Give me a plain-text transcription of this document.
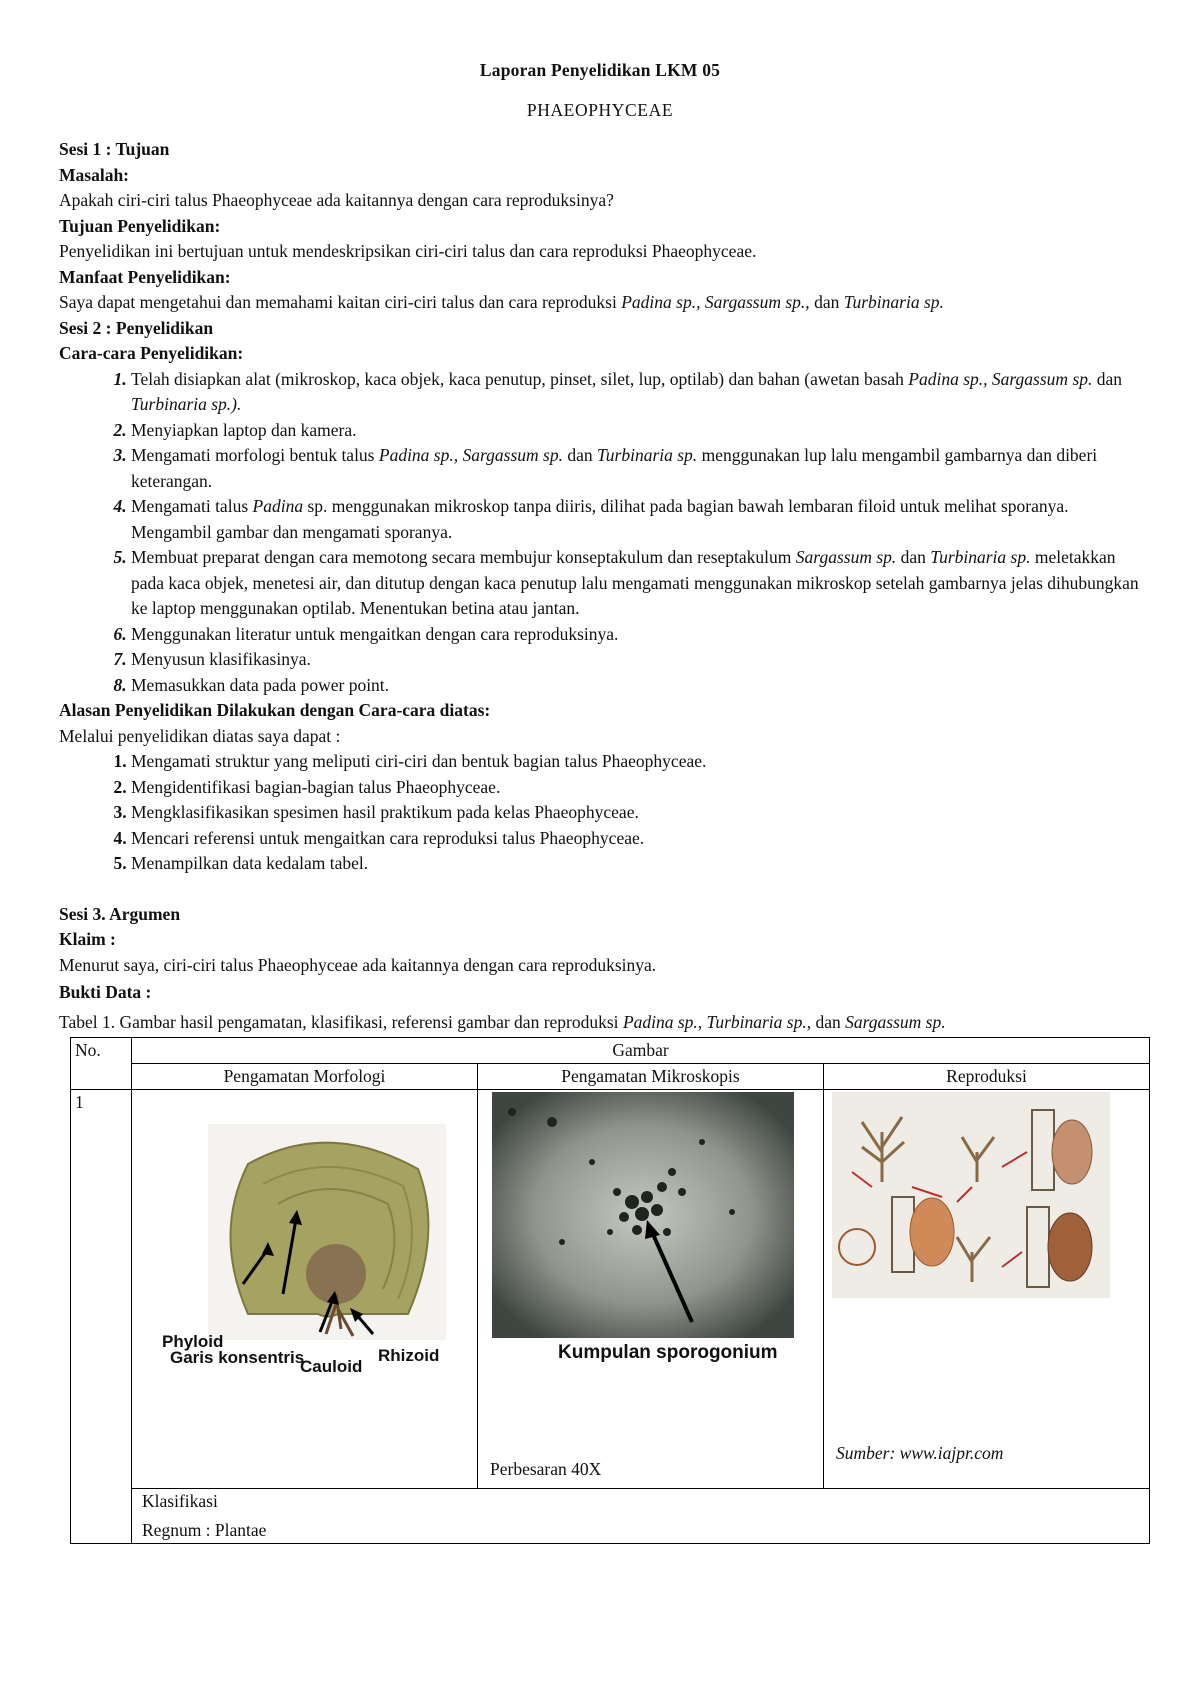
Laporan Penyelidikan LKM 05

PHAEOPHYCEAE

Sesi 1 : Tujuan

Masalah:

Apakah ciri-ciri talus Phaeophyceae ada kaitannya dengan cara reproduksinya?

Tujuan Penyelidikan:

Penyelidikan ini bertujuan untuk mendeskripsikan ciri-ciri talus dan cara reproduksi Phaeophyceae.

Manfaat Penyelidikan:

Saya dapat mengetahui dan memahami kaitan ciri-ciri talus dan cara reproduksi Padina sp., Sargassum sp., dan Turbinaria sp.

Sesi 2 : Penyelidikan

Cara-cara Penyelidikan:

1. Telah disiapkan alat (mikroskop, kaca objek, kaca penutup, pinset, silet, lup, optilab) dan bahan (awetan basah Padina sp., Sargassum sp. dan Turbinaria sp.).
2. Menyiapkan laptop dan kamera.
3. Mengamati morfologi bentuk talus Padina sp., Sargassum sp. dan Turbinaria sp. menggunakan lup lalu mengambil gambarnya dan diberi keterangan.
4. Mengamati talus Padina sp. menggunakan mikroskop tanpa diiris, dilihat pada bagian bawah lembaran filoid untuk melihat sporanya. Mengambil gambar dan mengamati sporanya.
5. Membuat preparat dengan cara memotong secara membujur konseptakulum dan reseptakulum Sargassum sp. dan Turbinaria sp. meletakkan pada kaca objek, menetesi air, dan ditutup dengan kaca penutup lalu mengamati menggunakan mikroskop setelah gambarnya jelas dihubungkan ke laptop menggunakan optilab. Menentukan betina atau jantan.
6. Menggunakan literatur untuk mengaitkan dengan cara reproduksinya.
7. Menyusun klasifikasinya.
8. Memasukkan data pada power point.

Alasan Penyelidikan Dilakukan dengan Cara-cara diatas:

Melalui penyelidikan diatas saya dapat :

1. Mengamati struktur yang meliputi ciri-ciri dan bentuk bagian talus Phaeophyceae.
2. Mengidentifikasi bagian-bagian talus Phaeophyceae.
3. Mengklasifikasikan spesimen hasil praktikum pada kelas Phaeophyceae.
4. Mencari referensi untuk mengaitkan cara reproduksi talus Phaeophyceae.
5. Menampilkan data kedalam tabel.

Sesi 3. Argumen

Klaim :

Menurut saya, ciri-ciri talus Phaeophyceae ada kaitannya dengan cara reproduksinya.

Bukti Data :

Tabel 1. Gambar hasil pengamatan, klasifikasi, referensi gambar dan reproduksi Padina sp., Turbinaria sp., dan Sargassum sp.

No.	Gambar		
	Pengamatan Morfologi	Pengamatan Mikroskopis	Reproduksi
1	Phyloid
Garis konsentris
Cauloid
Rhizoid	Kumpulan sporogonium
Perbesaran 40X	Sumber: www.iajpr.com

	Klasifikasi

Regnum : Plantae		
